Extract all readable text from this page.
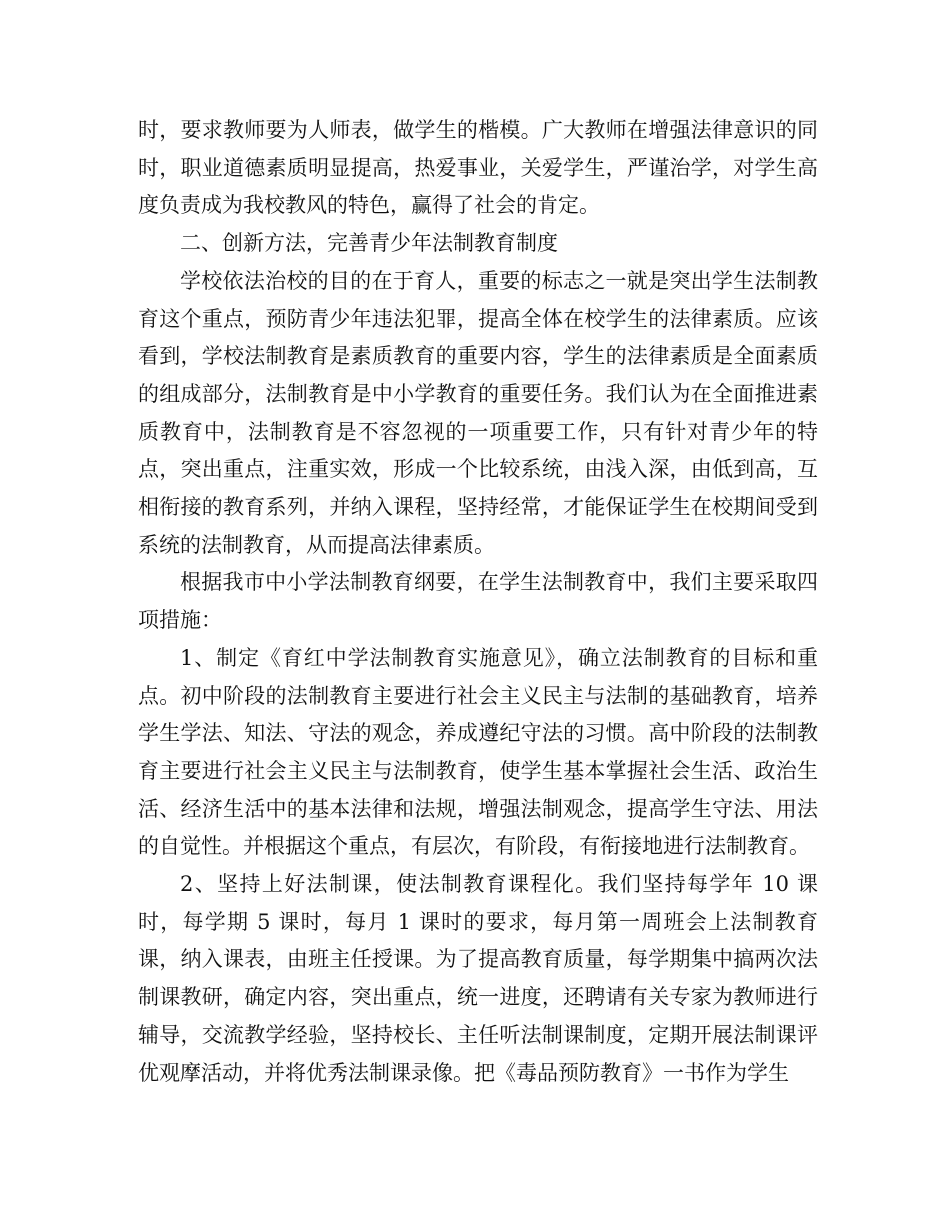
时，要求教师要为人师表，做学生的楷模。广大教师在增强法律意识的同时，职业道德素质明显提高，热爱事业，关爱学生，严谨治学，对学生高度负责成为我校教风的特色，赢得了社会的肯定。

二、创新方法，完善青少年法制教育制度

学校依法治校的目的在于育人，重要的标志之一就是突出学生法制教育这个重点，预防青少年违法犯罪，提高全体在校学生的法律素质。应该看到，学校法制教育是素质教育的重要内容，学生的法律素质是全面素质的组成部分，法制教育是中小学教育的重要任务。我们认为在全面推进素质教育中，法制教育是不容忽视的一项重要工作，只有针对青少年的特点，突出重点，注重实效，形成一个比较系统，由浅入深，由低到高，互相衔接的教育系列，并纳入课程，坚持经常，才能保证学生在校期间受到系统的法制教育，从而提高法律素质。

根据我市中小学法制教育纲要，在学生法制教育中，我们主要采取四项措施：

1、制定《育红中学法制教育实施意见》，确立法制教育的目标和重点。初中阶段的法制教育主要进行社会主义民主与法制的基础教育，培养学生学法、知法、守法的观念，养成遵纪守法的习惯。高中阶段的法制教育主要进行社会主义民主与法制教育，使学生基本掌握社会生活、政治生活、经济生活中的基本法律和法规，增强法制观念，提高学生守法、用法的自觉性。并根据这个重点，有层次，有阶段，有衔接地进行法制教育。

2、坚持上好法制课，使法制教育课程化。我们坚持每学年 10 课时，每学期 5 课时，每月 1 课时的要求，每月第一周班会上法制教育课，纳入课表，由班主任授课。为了提高教育质量，每学期集中搞两次法制课教研，确定内容，突出重点，统一进度，还聘请有关专家为教师进行辅导，交流教学经验，坚持校长、主任听法制课制度，定期开展法制课评优观摩活动，并将优秀法制课录像。把《毒品预防教育》一书作为学生
